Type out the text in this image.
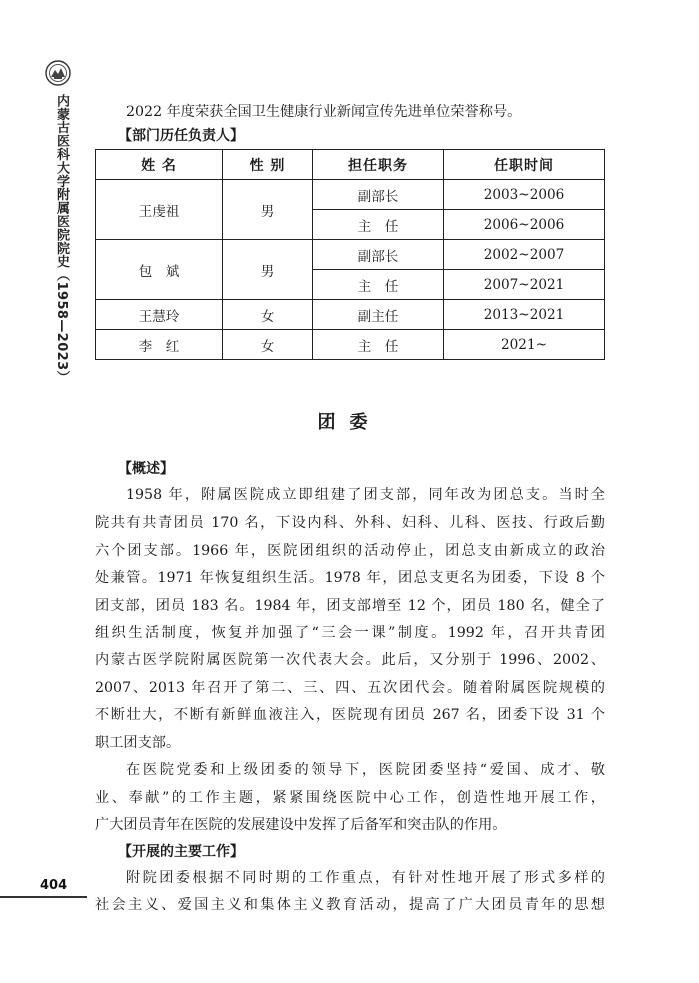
内蒙古医科大学附属医院院史（1958—2023）
404
2022 年度荣获全国卫生健康行业新闻宣传先进单位荣誉称号。
【部门历任负责人】
姓 名	性 别	担任职务	任职时间
王虔祖	男	副部长	2003~2006
		主　任	2006~2006
包　斌	男	副部长	2002~2007
		主　任	2007~2021
王慧玲	女	副主任	2013~2021
李　红	女	主　任	2021~
团委
【概述】
1958 年，附属医院成立即组建了团支部，同年改为团总支。当时全
院共有共青团员 170 名，下设内科、外科、妇科、儿科、医技、行政后勤
六个团支部。1966 年，医院团组织的活动停止，团总支由新成立的政治
处兼管。1971 年恢复组织生活。1978 年，团总支更名为团委，下设 8 个
团支部，团员 183 名。1984 年，团支部增至 12 个，团员 180 名，健全了
组织生活制度，恢复并加强了“三会一课”制度。1992 年，召开共青团
内蒙古医学院附属医院第一次代表大会。此后，又分别于 1996、2002、
2007、2013 年召开了第二、三、四、五次团代会。随着附属医院规模的
不断壮大，不断有新鲜血液注入，医院现有团员 267 名，团委下设 31 个
职工团支部。
在医院党委和上级团委的领导下，医院团委坚持“爱国、成才、敬
业、奉献”的工作主题，紧紧围绕医院中心工作，创造性地开展工作，
广大团员青年在医院的发展建设中发挥了后备军和突击队的作用。
【开展的主要工作】
附院团委根据不同时期的工作重点，有针对性地开展了形式多样的
社会主义、爱国主义和集体主义教育活动，提高了广大团员青年的思想
